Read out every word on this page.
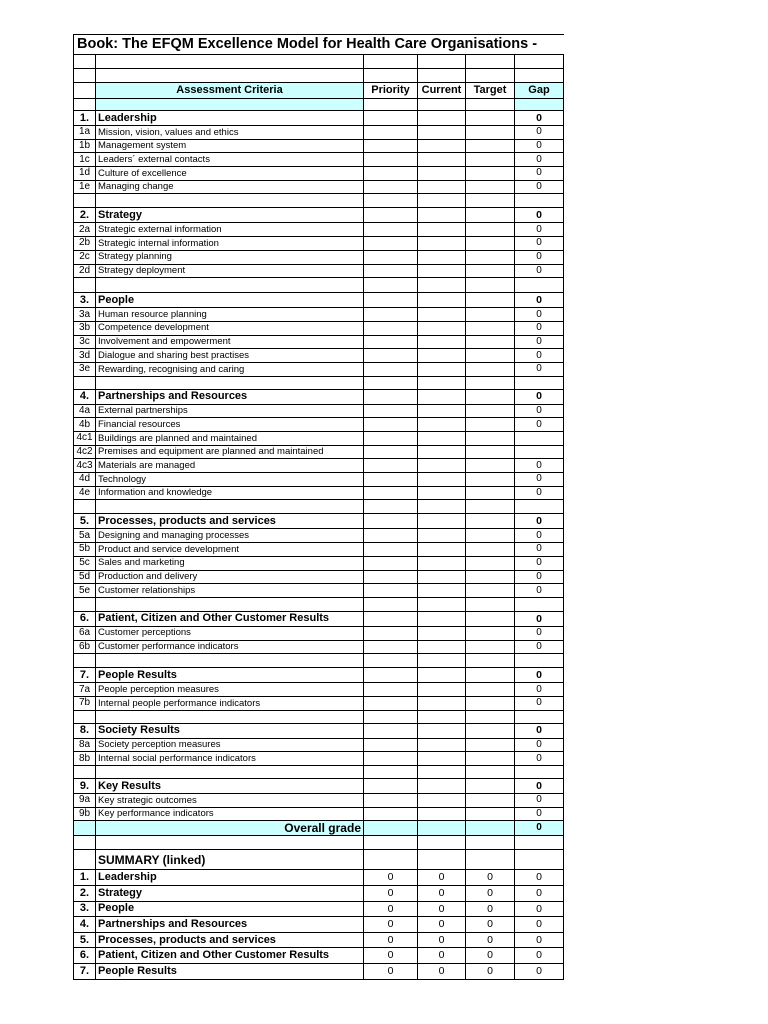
Book: The EFQM Excellence Model for Health Care Organisations -					

	Assessment Criteria	Priority	Current	Target	Gap

1.	Leadership				0
1a	Mission, vision, values and ethics				0
1b	Management system				0
1c	Leaders´ external contacts				0
1d	Culture of excellence				0
1e	Managing change				0

2.	Strategy				0
2a	Strategic external information				0
2b	Strategic internal information				0
2c	Strategy planning				0
2d	Strategy deployment				0

3.	People				0
3a	Human resource planning				0
3b	Competence development				0
3c	Involvement and empowerment				0
3d	Dialogue and sharing best practises				0
3e	Rewarding, recognising and caring				0

4.	Partnerships and Resources				0
4a	External partnerships				0
4b	Financial resources				0
4c1	Buildings are planned and maintained				
4c2	Premises and equipment are planned and maintained				
4c3	Materials are managed				0
4d	Technology				0
4e	Information and knowledge				0

5.	Processes, products and services				0
5a	Designing and managing processes				0
5b	Product and service development				0
5c	Sales and marketing				0
5d	Production and delivery				0
5e	Customer relationships				0

6.	Patient, Citizen and Other Customer Results				0
6a	Customer perceptions				0
6b	Customer performance indicators				0

7.	People Results				0
7a	People perception measures				0
7b	Internal people performance indicators				0

8.	Society Results				0
8a	Society perception measures				0
8b	Internal social performance indicators				0

9.	Key Results				0
9a	Key strategic outcomes				0
9b	Key performance indicators				0
	Overall grade				0

	SUMMARY (linked)				
1.	Leadership	0	0	0	0
2.	Strategy	0	0	0	0
3.	People	0	0	0	0
4.	Partnerships and Resources	0	0	0	0
5.	Processes, products and services	0	0	0	0
6.	Patient, Citizen and Other Customer Results	0	0	0	0
7.	People Results	0	0	0	0
